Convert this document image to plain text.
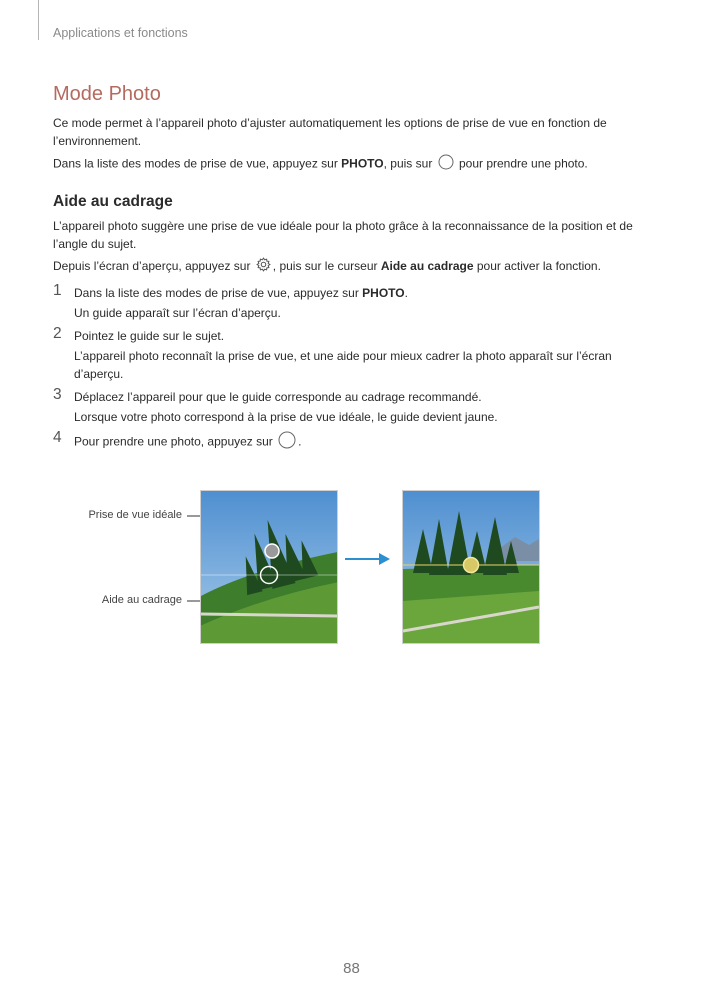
Applications et fonctions
Mode Photo

Ce mode permet à l’appareil photo d’ajuster automatiquement les options de prise de vue en fonction de l’environnement.

Dans la liste des modes de prise de vue, appuyez sur PHOTO, puis sur  pour prendre une photo.

Aide au cadrage

L’appareil photo suggère une prise de vue idéale pour la photo grâce à la reconnaissance de la position et de l’angle du sujet.

Depuis l’écran d’aperçu, appuyez sur , puis sur le curseur Aide au cadrage pour activer la fonction.

1 Dans la liste des modes de prise de vue, appuyez sur PHOTO.

Un guide apparaît sur l’écran d’aperçu.

2 Pointez le guide sur le sujet.

L’appareil photo reconnaît la prise de vue, et une aide pour mieux cadrer la photo apparaît sur l’écran d’aperçu.

3 Déplacez l’appareil pour que le guide corresponde au cadrage recommandé.

Lorsque votre photo correspond à la prise de vue idéale, le guide devient jaune.

4 Pour prendre une photo, appuyez sur .

Prise de vue idéale
Aide au cadrage
88
